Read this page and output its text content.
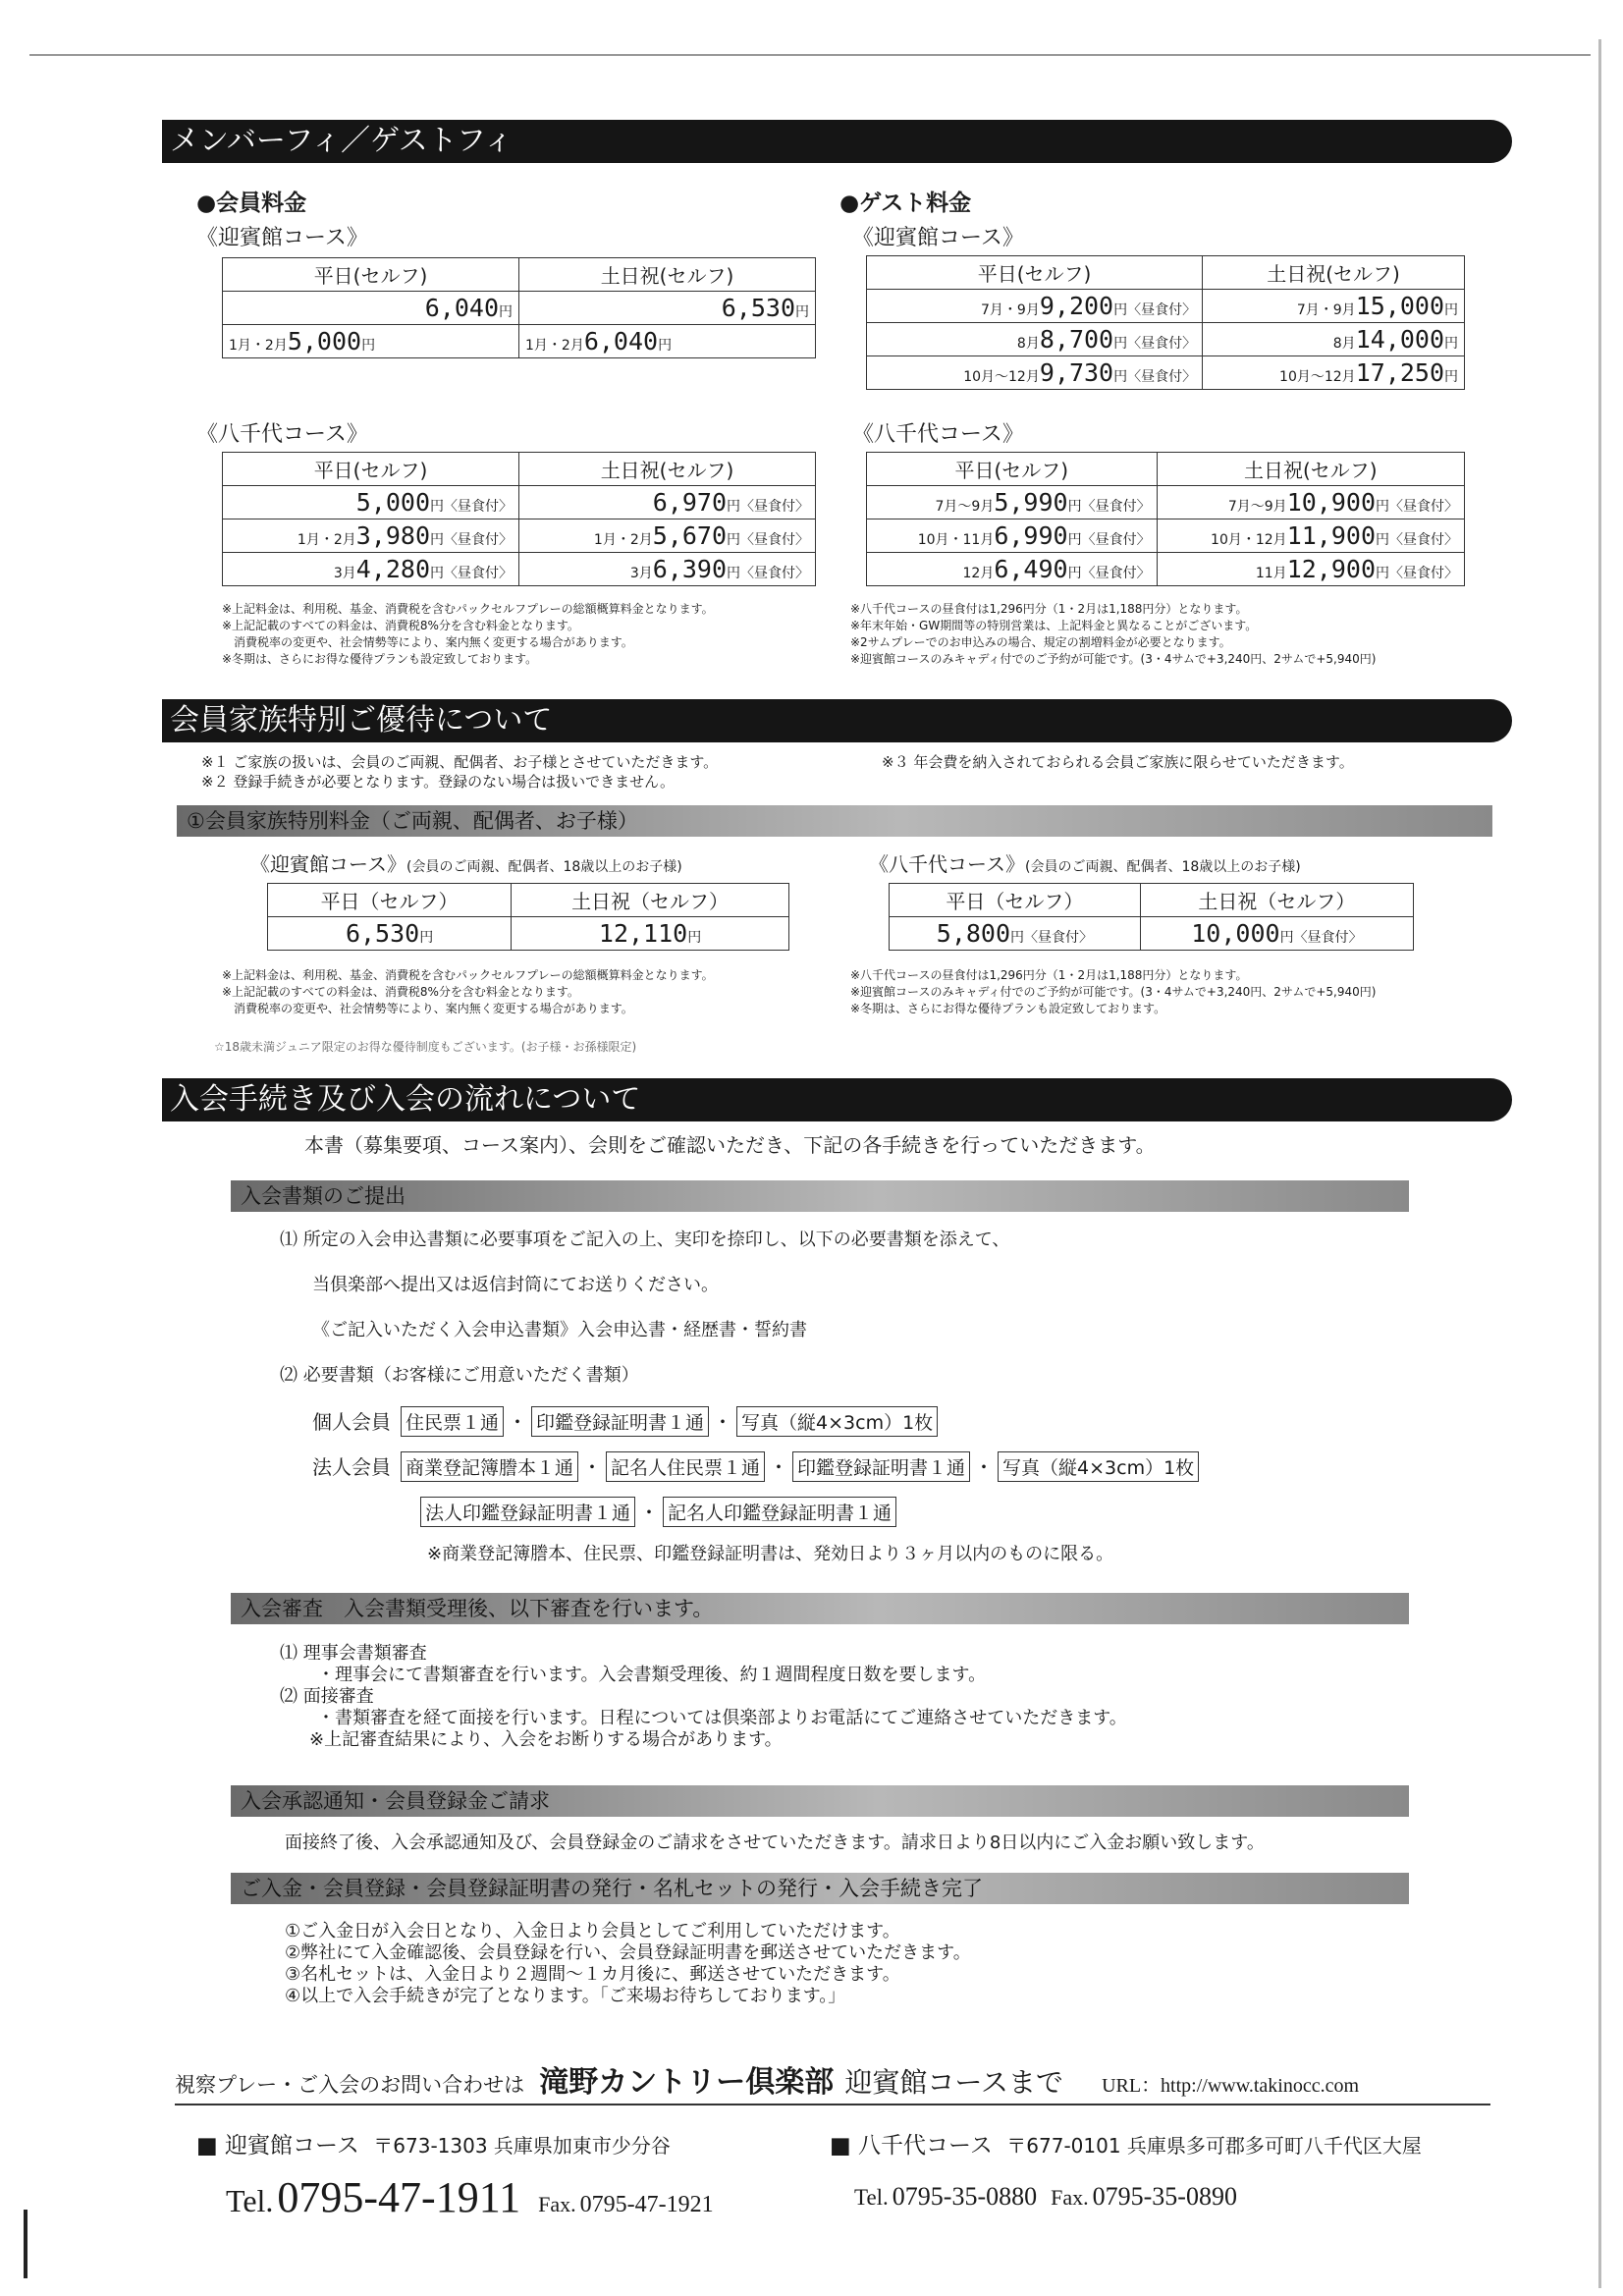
メンバーフィ／ゲストフィ
●会員料金
《迎賓館コース》
平日(セルフ)	土日祝(セルフ)
6,040円	6,530円
1月・2月5,000円	1月・2月6,040円
《八千代コース》
平日(セルフ)	土日祝(セルフ)
5,000円〈昼食付〉	6,970円〈昼食付〉
1月・2月3,980円〈昼食付〉	1月・2月5,670円〈昼食付〉
3月4,280円〈昼食付〉	3月6,390円〈昼食付〉
※上記料金は、利用税、基金、消費税を含むパックセルフプレーの総額概算料金となります。
※上記記載のすべての料金は、消費税8%分を含む料金となります。
　消費税率の変更や、社会情勢等により、案内無く変更する場合があります。
※冬期は、さらにお得な優待プランも設定致しております。
●ゲスト料金
《迎賓館コース》
平日(セルフ)	土日祝(セルフ)
7月・9月9,200円〈昼食付〉	7月・9月15,000円
8月8,700円〈昼食付〉	8月14,000円
10月〜12月9,730円〈昼食付〉	10月〜12月17,250円
《八千代コース》
平日(セルフ)	土日祝(セルフ)
7月〜9月5,990円〈昼食付〉	7月〜9月10,900円〈昼食付〉
10月・11月6,990円〈昼食付〉	10月・12月11,900円〈昼食付〉
12月6,490円〈昼食付〉	11月12,900円〈昼食付〉
※八千代コースの昼食付は1,296円分（1・2月は1,188円分）となります。
※年末年始・GW期間等の特別営業は、上記料金と異なることがございます。
※2サムプレーでのお申込みの場合、規定の割増料金が必要となります。
※迎賓館コースのみキャディ付でのご予約が可能です。(3・4サムで+3,240円、2サムで+5,940円)
会員家族特別ご優待について
※１ ご家族の扱いは、会員のご両親、配偶者、お子様とさせていただきます。
※２ 登録手続きが必要となります。登録のない場合は扱いできません。
※３ 年会費を納入されておられる会員ご家族に限らせていただきます。
①会員家族特別料金（ご両親、配偶者、お子様）
《迎賓館コース》(会員のご両親、配偶者、18歳以上のお子様)
平日（セルフ）	土日祝（セルフ）
6,530円	12,110円
《八千代コース》(会員のご両親、配偶者、18歳以上のお子様)
平日（セルフ）	土日祝（セルフ）
5,800円〈昼食付〉	10,000円〈昼食付〉
※上記料金は、利用税、基金、消費税を含むパックセルフプレーの総額概算料金となります。
※上記記載のすべての料金は、消費税8%分を含む料金となります。
　消費税率の変更や、社会情勢等により、案内無く変更する場合があります。
※八千代コースの昼食付は1,296円分（1・2月は1,188円分）となります。
※迎賓館コースのみキャディ付でのご予約が可能です。(3・4サムで+3,240円、2サムで+5,940円)
※冬期は、さらにお得な優待プランも設定致しております。
☆18歳未満ジュニア限定のお得な優待制度もございます。(お子様・お孫様限定)
入会手続き及び入会の流れについて
本書（募集要項、コース案内）、会則をご確認いただき、下記の各手続きを行っていただきます。
入会書類のご提出
⑴ 所定の入会申込書類に必要事項をご記入の上、実印を捺印し、以下の必要書類を添えて、
当倶楽部へ提出又は返信封筒にてお送りください。
《ご記入いただく入会申込書類》入会申込書・経歴書・誓約書
⑵ 必要書類（お客様にご用意いただく書類）
個人会員 住民票１通 ・ 印鑑登録証明書１通 ・ 写真（縦4×3cm）1枚
法人会員 商業登記簿謄本１通 ・ 記名人住民票１通 ・ 印鑑登録証明書１通 ・ 写真（縦4×3cm）1枚
法人印鑑登録証明書１通 ・ 記名人印鑑登録証明書１通
※商業登記簿謄本、住民票、印鑑登録証明書は、発効日より３ヶ月以内のものに限る。
入会審査　入会書類受理後、以下審査を行います。
⑴ 理事会書類審査
・理事会にて書類審査を行います。入会書類受理後、約１週間程度日数を要します。
⑵ 面接審査
・書類審査を経て面接を行います。日程については倶楽部よりお電話にてご連絡させていただきます。
※上記審査結果により、入会をお断りする場合があります。
入会承認通知・会員登録金ご請求
面接終了後、入会承認通知及び、会員登録金のご請求をさせていただきます。請求日より8日以内にご入金お願い致します。
ご入金・会員登録・会員登録証明書の発行・名札セットの発行・入会手続き完了
①ご入金日が入会日となり、入金日より会員としてご利用していただけます。
②弊社にて入金確認後、会員登録を行い、会員登録証明書を郵送させていただきます。
③名札セットは、入金日より２週間〜１カ月後に、郵送させていただきます。
④以上で入会手続きが完了となります。「ご来場お待ちしております。」
視察プレー・ご入会のお問い合わせは 滝野カントリー倶楽部 迎賓館コースまで URL：http://www.takinocc.com
■ 迎賓館コース 〒673-1303 兵庫県加東市少分谷
Tel. 0795-47-1911 Fax. 0795-47-1921
■ 八千代コース 〒677-0101 兵庫県多可郡多可町八千代区大屋
Tel. 0795-35-0880 Fax. 0795-35-0890
